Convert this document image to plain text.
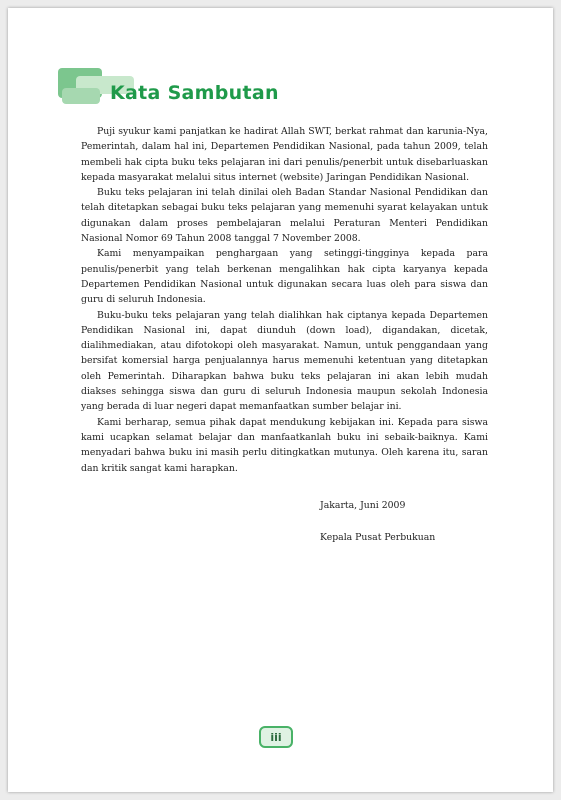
Kata Sambutan

Puji syukur kami panjatkan ke hadirat Allah SWT, berkat rahmat dan karunia-Nya, Pemerintah, dalam hal ini, Departemen Pendidikan Nasional, pada tahun 2009, telah membeli hak cipta buku teks pelajaran ini dari penulis/penerbit untuk disebarluaskan kepada masyarakat melalui situs internet (website) Jaringan Pendidikan Nasional.

Buku teks pelajaran ini telah dinilai oleh Badan Standar Nasional Pendidikan dan telah ditetapkan sebagai buku teks pelajaran yang memenuhi syarat kelayakan untuk digunakan dalam proses pembelajaran melalui Peraturan Menteri Pendidikan Nasional Nomor 69 Tahun 2008 tanggal 7 November 2008.

Kami menyampaikan penghargaan yang setinggi-tingginya kepada para penulis/penerbit yang telah berkenan mengalihkan hak cipta karyanya kepada Departemen Pendidikan Nasional untuk digunakan secara luas oleh para siswa dan guru di seluruh Indonesia.

Buku-buku teks pelajaran yang telah dialihkan hak ciptanya kepada Departemen Pendidikan Nasional ini, dapat diunduh (down load), digandakan, dicetak, dialihmediakan, atau difotokopi oleh masyarakat. Namun, untuk penggandaan yang bersifat komersial harga penjualannya harus memenuhi ketentuan yang ditetapkan oleh Pemerintah. Diharapkan bahwa buku teks pelajaran ini akan lebih mudah diakses sehingga siswa dan guru di seluruh Indonesia maupun sekolah Indonesia yang berada di luar negeri dapat memanfaatkan sumber belajar ini.

Kami berharap, semua pihak dapat mendukung kebijakan ini. Kepada para siswa kami ucapkan selamat belajar dan manfaatkanlah buku ini sebaik-baiknya. Kami menyadari bahwa buku ini masih perlu ditingkatkan mutunya. Oleh karena itu, saran dan kritik sangat kami harapkan.

Jakarta, Juni 2009
Kepala Pusat Perbukuan
iii
